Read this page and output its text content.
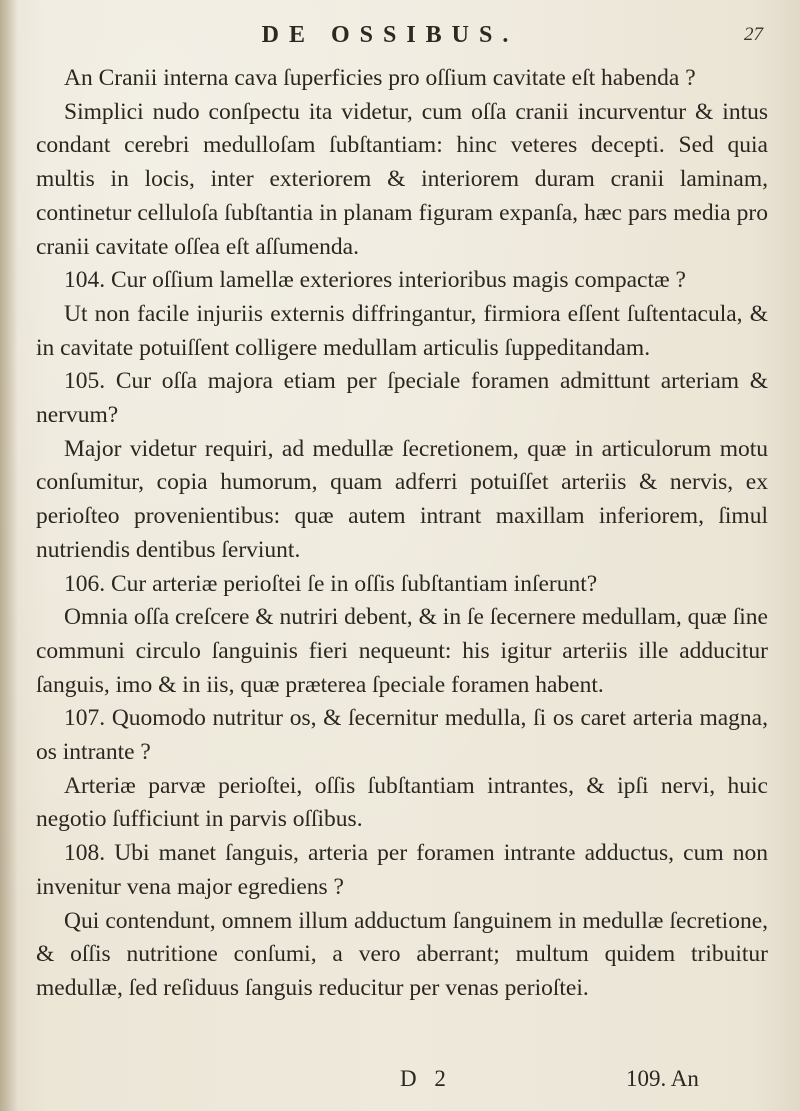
DE OSSIBUS.	27

An Cranii interna cava ſuperficies pro oſſium cavitate eſt habenda ?

Simplici nudo conſpectu ita videtur, cum oſſa cranii incurventur & intus condant cerebri medulloſam ſubſtantiam: hinc veteres decepti. Sed quia multis in locis, inter exteriorem & interiorem duram cranii laminam, continetur celluloſa ſubſtantia in planam figuram expanſa, hæc pars media pro cranii cavitate oſſea eſt aſſumenda.

104. Cur oſſium lamellæ exteriores interioribus magis compactæ ?

Ut non facile injuriis externis diffringantur, firmiora eſſent ſuſtentacula, & in cavitate potuiſſent colligere medullam articulis ſuppeditandam.

105. Cur oſſa majora etiam per ſpeciale foramen admittunt arteriam & nervum?

Major videtur requiri, ad medullæ ſecretionem, quæ in articulorum motu conſumitur, copia humorum, quam adferri potuiſſet arteriis & nervis, ex perioſteo provenientibus: quæ autem intrant maxillam inferiorem, ſimul nutriendis dentibus ſerviunt.

106. Cur arteriæ perioſtei ſe in oſſis ſubſtantiam inſerunt?

Omnia oſſa creſcere & nutriri debent, & in ſe ſecernere medullam, quæ ſine communi circulo ſanguinis fieri nequeunt: his igitur arteriis ille adducitur ſanguis, imo & in iis, quæ præterea ſpeciale foramen habent.

107. Quomodo nutritur os, & ſecernitur medulla, ſi os caret arteria magna, os intrante ?

Arteriæ parvæ perioſtei, oſſis ſubſtantiam intrantes, & ipſi nervi, huic negotio ſufficiunt in parvis oſſibus.

108. Ubi manet ſanguis, arteria per foramen intrante adductus, cum non invenitur vena major egrediens ?

Qui contendunt, omnem illum adductum ſanguinem in medullæ ſecretione, & oſſis nutritione conſumi, a vero aberrant; multum quidem tribuitur medullæ, ſed reſiduus ſanguis reducitur per venas perioſtei.

D 2	109. An
